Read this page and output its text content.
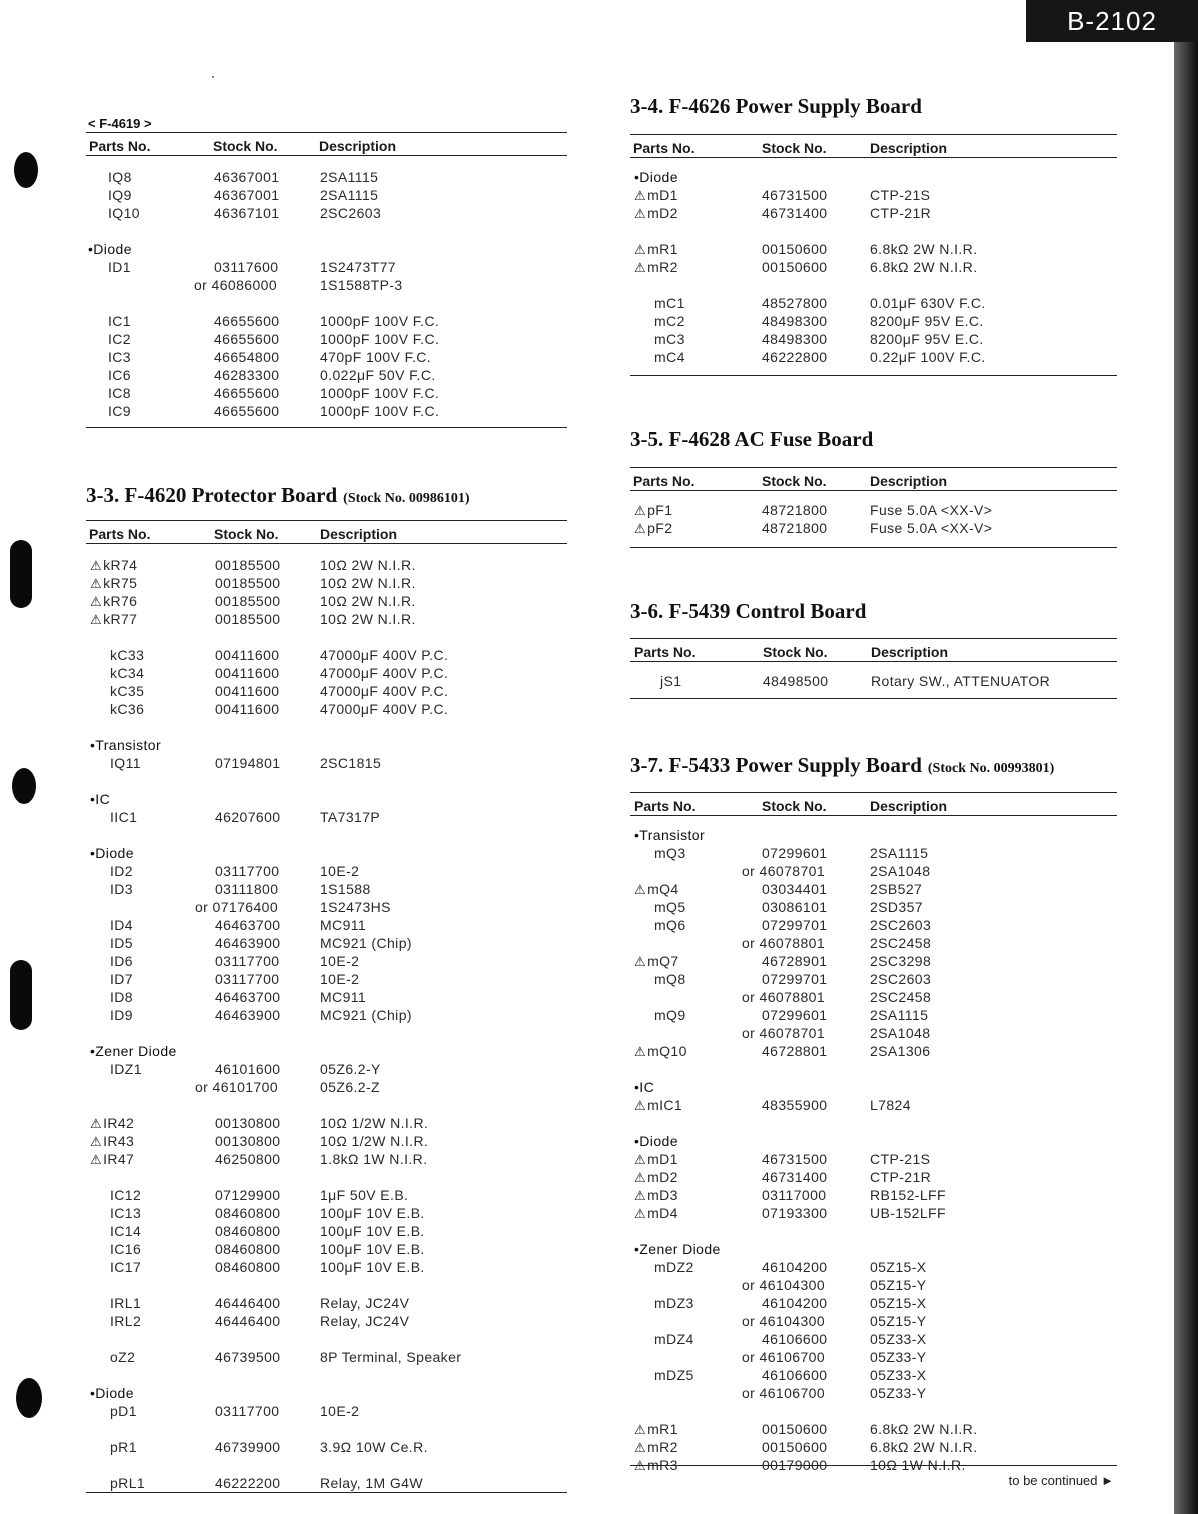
B-2102
< F-4619 >
Parts No.	Stock No.	Description
IQ8	46367001	2SA1115
IQ9	46367001	2SA1115
IQ10	46367101	2SC2603
•Diode
ID1	03117600	1S2473T77
or 46086000	1S1588TP-3
IC1	46655600	1000pF 100V F.C.
IC2	46655600	1000pF 100V F.C.
IC3	46654800	470pF 100V F.C.
IC6	46283300	0.022μF 50V F.C.
IC8	46655600	1000pF 100V F.C.
IC9	46655600	1000pF 100V F.C.
3-3. F-4620 Protector Board (Stock No. 00986101)
Parts No.	Stock No.	Description
⚠kR74	00185500	10Ω 2W N.I.R.
⚠kR75	00185500	10Ω 2W N.I.R.
⚠kR76	00185500	10Ω 2W N.I.R.
⚠kR77	00185500	10Ω 2W N.I.R.
kC33	00411600	47000μF 400V P.C.
kC34	00411600	47000μF 400V P.C.
kC35	00411600	47000μF 400V P.C.
kC36	00411600	47000μF 400V P.C.
•Transistor
IQ11	07194801	2SC1815
•IC
IIC1	46207600	TA7317P
•Diode
ID2	03117700	10E-2
ID3	03111800	1S1588
or 07176400	1S2473HS
ID4	46463700	MC911
ID5	46463900	MC921 (Chip)
ID6	03117700	10E-2
ID7	03117700	10E-2
ID8	46463700	MC911
ID9	46463900	MC921 (Chip)
•Zener Diode
IDZ1	46101600	05Z6.2-Y
or 46101700	05Z6.2-Z
⚠IR42	00130800	10Ω 1/2W N.I.R.
⚠IR43	00130800	10Ω 1/2W N.I.R.
⚠IR47	46250800	1.8kΩ 1W N.I.R.
IC12	07129900	1μF 50V E.B.
IC13	08460800	100μF 10V E.B.
IC14	08460800	100μF 10V E.B.
IC16	08460800	100μF 10V E.B.
IC17	08460800	100μF 10V E.B.
IRL1	46446400	Relay, JC24V
IRL2	46446400	Relay, JC24V
oZ2	46739500	8P Terminal, Speaker
•Diode
pD1	03117700	10E-2
pR1	46739900	3.9Ω 10W Ce.R.
pRL1	46222200	Relay, 1M G4W
3-4. F-4626 Power Supply Board
Parts No.	Stock No.	Description
•Diode
⚠mD1	46731500	CTP-21S
⚠mD2	46731400	CTP-21R
⚠mR1	00150600	6.8kΩ 2W N.I.R.
⚠mR2	00150600	6.8kΩ 2W N.I.R.
mC1	48527800	0.01μF 630V F.C.
mC2	48498300	8200μF 95V E.C.
mC3	48498300	8200μF 95V E.C.
mC4	46222800	0.22μF 100V F.C.
3-5. F-4628 AC Fuse Board
Parts No.	Stock No.	Description
⚠pF1	48721800	Fuse 5.0A <XX-V>
⚠pF2	48721800	Fuse 5.0A <XX-V>
3-6. F-5439 Control Board
Parts No.	Stock No.	Description
jS1	48498500	Rotary SW., ATTENUATOR
3-7. F-5433 Power Supply Board (Stock No. 00993801)
Parts No.	Stock No.	Description
•Transistor
mQ3	07299601	2SA1115
or 46078701	2SA1048
⚠mQ4	03034401	2SB527
mQ5	03086101	2SD357
mQ6	07299701	2SC2603
or 46078801	2SC2458
⚠mQ7	46728901	2SC3298
mQ8	07299701	2SC2603
or 46078801	2SC2458
mQ9	07299601	2SA1115
or 46078701	2SA1048
⚠mQ10	46728801	2SA1306
•IC
⚠mIC1	48355900	L7824
•Diode
⚠mD1	46731500	CTP-21S
⚠mD2	46731400	CTP-21R
⚠mD3	03117000	RB152-LFF
⚠mD4	07193300	UB-152LFF
•Zener Diode
mDZ2	46104200	05Z15-X
or 46104300	05Z15-Y
mDZ3	46104200	05Z15-X
or 46104300	05Z15-Y
mDZ4	46106600	05Z33-X
or 46106700	05Z33-Y
mDZ5	46106600	05Z33-X
or 46106700	05Z33-Y
⚠mR1	00150600	6.8kΩ 2W N.I.R.
⚠mR2	00150600	6.8kΩ 2W N.I.R.
⚠mR3	00179000	10Ω 1W N.I.R.
to be continued ►
